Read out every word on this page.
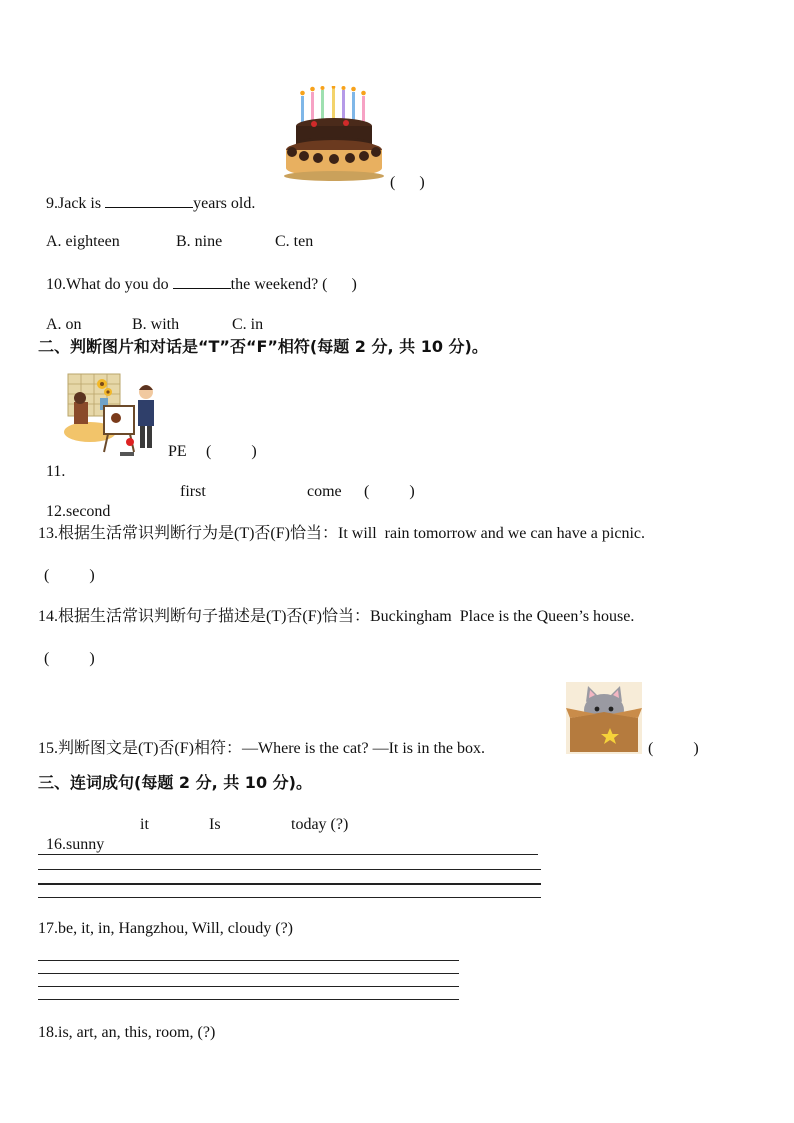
9.Jack is	years old.

(      )

A. eighteen	B. nine	C. ten

10.What do you do	the weekend? (      )

A. on	B. with	C. in

二、判断图片和对话是“T”否“F”相符(每题 2 分, 共 10 分)。

11.

PE (          )

12.second

first	come (          )
13.根据生活常识判断行为是(T)否(F)恰当：It will  rain tomorrow and we can have a picnic.
(          )
14.根据生活常识判断句子描述是(T)否(F)恰当：Buckingham  Place is the Queen’s house.
(          )
15.判断图文是(T)否(F)相符：—Where is the cat? —It is in the box.	(          )
三、连词成句(每题 2 分, 共 10 分)。

16.sunny

it	Is	today (?)
17.be, it, in, Hangzhou, Will, cloudy (?)
18.is, art, an, this, room, (?)
